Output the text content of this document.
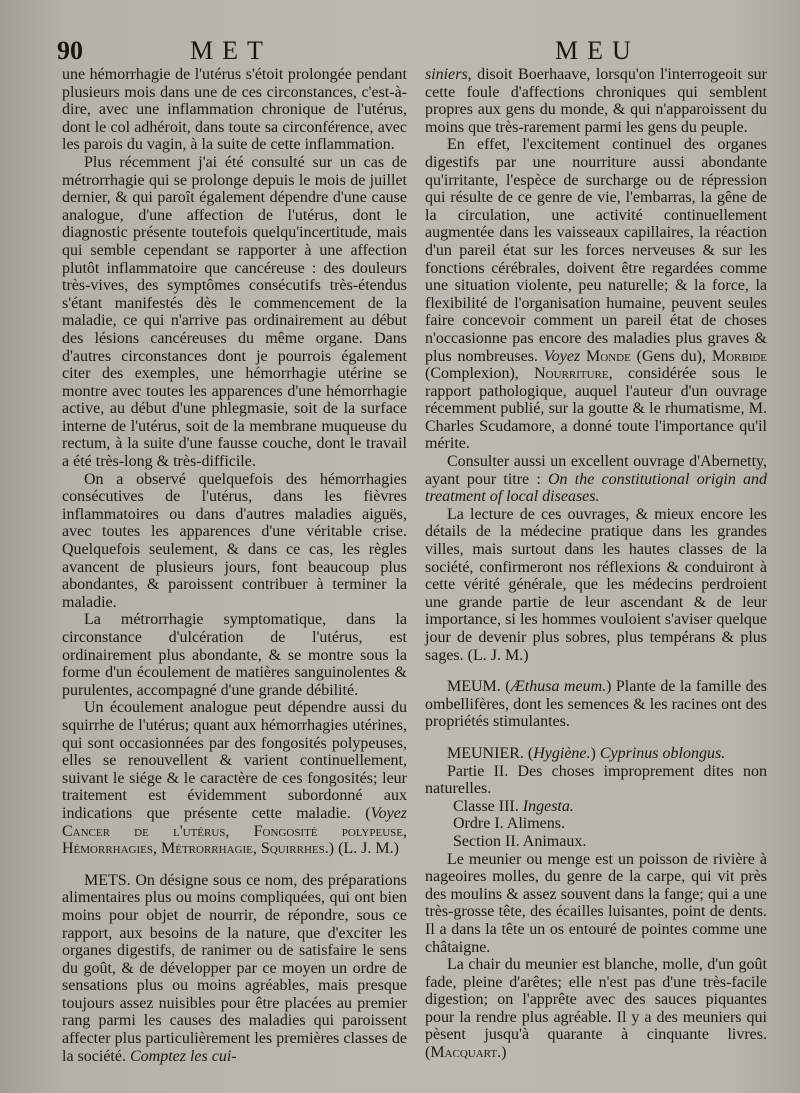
90	MET	MEU

une hémorrhagie de l'utérus s'étoit prolongée pendant plusieurs mois dans une de ces circonstances, c'est-à-dire, avec une inflammation chronique de l'utérus, dont le col adhéroit, dans toute sa circonférence, avec les parois du vagin, à la suite de cette inflammation.

Plus récemment j'ai été consulté sur un cas de métrorrhagie qui se prolonge depuis le mois de juillet dernier, & qui paroît également dépendre d'une cause analogue, d'une affection de l'utérus, dont le diagnostic présente toutefois quelqu'incertitude, mais qui semble cependant se rapporter à une affection plutôt inflammatoire que cancéreuse : des douleurs très-vives, des symptômes consécutifs très-étendus s'étant manifestés dès le commencement de la maladie, ce qui n'arrive pas ordinairement au début des lésions cancéreuses du même organe. Dans d'autres circonstances dont je pourrois également citer des exemples, une hémorrhagie utérine se montre avec toutes les apparences d'une hémorrhagie active, au début d'une phlegmasie, soit de la surface interne de l'utérus, soit de la membrane muqueuse du rectum, à la suite d'une fausse couche, dont le travail a été très-long & très-difficile.

On a observé quelquefois des hémorrhagies consécutives de l'utérus, dans les fièvres inflammatoires ou dans d'autres maladies aiguës, avec toutes les apparences d'une véritable crise. Quelquefois seulement, & dans ce cas, les règles avancent de plusieurs jours, font beaucoup plus abondantes, & paroissent contribuer à terminer la maladie.

La métrorrhagie symptomatique, dans la circonstance d'ulcération de l'utérus, est ordinairement plus abondante, & se montre sous la forme d'un écoulement de matières sanguinolentes & purulentes, accompagné d'une grande débilité.

Un écoulement analogue peut dépendre aussi du squirrhe de l'utérus; quant aux hémorrhagies utérines, qui sont occasionnées par des fongosités polypeuses, elles se renouvellent & varient continuellement, suivant le siége & le caractère de ces fongosités; leur traitement est évidemment subordonné aux indications que présente cette maladie. (Voyez Cancer de l'utérus, Fongosité polypeuse, Hémorrhagies, Métrorrhagie, Squirrhes.) (L. J. M.)

METS. On désigne sous ce nom, des préparations alimentaires plus ou moins compliquées, qui ont bien moins pour objet de nourrir, de répondre, sous ce rapport, aux besoins de la nature, que d'exciter les organes digestifs, de ranimer ou de satisfaire le sens du goût, & de développer par ce moyen un ordre de sensations plus ou moins agréables, mais presque toujours assez nuisibles pour être placées au premier rang parmi les causes des maladies qui paroissent affecter plus particulièrement les premières classes de la société. Comptez les cui-

siniers, disoit Boerhaave, lorsqu'on l'interrogeoit sur cette foule d'affections chroniques qui semblent propres aux gens du monde, & qui n'apparoissent du moins que très-rarement parmi les gens du peuple.

En effet, l'excitement continuel des organes digestifs par une nourriture aussi abondante qu'irritante, l'espèce de surcharge ou de répression qui résulte de ce genre de vie, l'embarras, la gêne de la circulation, une activité continuellement augmentée dans les vaisseaux capillaires, la réaction d'un pareil état sur les forces nerveuses & sur les fonctions cérébrales, doivent être regardées comme une situation violente, peu naturelle; & la force, la flexibilité de l'organisation humaine, peuvent seules faire concevoir comment un pareil état de choses n'occasionne pas encore des maladies plus graves & plus nombreuses. Voyez Monde (Gens du), Morbide (Complexion), Nourriture, considérée sous le rapport pathologique, auquel l'auteur d'un ouvrage récemment publié, sur la goutte & le rhumatisme, M. Charles Scudamore, a donné toute l'importance qu'il mérite.

Consulter aussi un excellent ouvrage d'Abernetty, ayant pour titre : On the constitutional origin and treatment of local diseases.

La lecture de ces ouvrages, & mieux encore les détails de la médecine pratique dans les grandes villes, mais surtout dans les hautes classes de la société, confirmeront nos réflexions & conduiront à cette vérité générale, que les médecins perdroient une grande partie de leur ascendant & de leur importance, si les hommes vouloient s'aviser quelque jour de devenir plus sobres, plus tempérans & plus sages. (L. J. M.)

MEUM. (Æthusa meum.) Plante de la famille des ombellifères, dont les semences & les racines ont des propriétés stimulantes.

MEUNIER. (Hygiène.) Cyprinus oblongus.

Partie II. Des choses improprement dites non naturelles.

Classe III. Ingesta.

Ordre I. Alimens.

Section II. Animaux.

Le meunier ou menge est un poisson de rivière à nageoires molles, du genre de la carpe, qui vit près des moulins & assez souvent dans la fange; qui a une très-grosse tête, des écailles luisantes, point de dents. Il a dans la tête un os entouré de pointes comme une châtaigne.

La chair du meunier est blanche, molle, d'un goût fade, pleine d'arêtes; elle n'est pas d'une très-facile digestion; on l'apprête avec des sauces piquantes pour la rendre plus agréable. Il y a des meuniers qui pèsent jusqu'à quarante à cinquante livres. (Macquart.)
